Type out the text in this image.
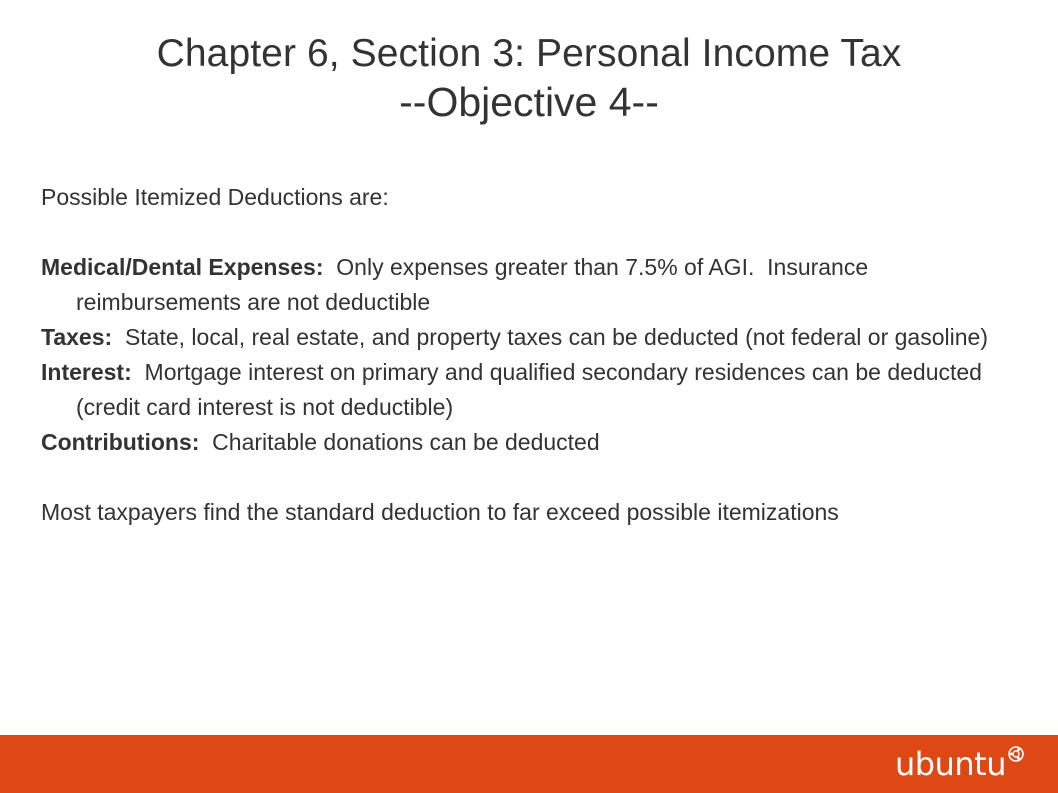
Chapter 6, Section 3: Personal Income Tax
--Objective 4--

Possible Itemized Deductions are:

Medical/Dental Expenses:  Only expenses greater than 7.5% of AGI.  Insurance reimbursements are not deductible

Taxes:  State, local, real estate, and property taxes can be deducted (not federal or gasoline)

Interest:  Mortgage interest on primary and qualified secondary residences can be deducted (credit card interest is not deductible)

Contributions:  Charitable donations can be deducted

Most taxpayers find the standard deduction to far exceed possible itemizations

ubuntu
